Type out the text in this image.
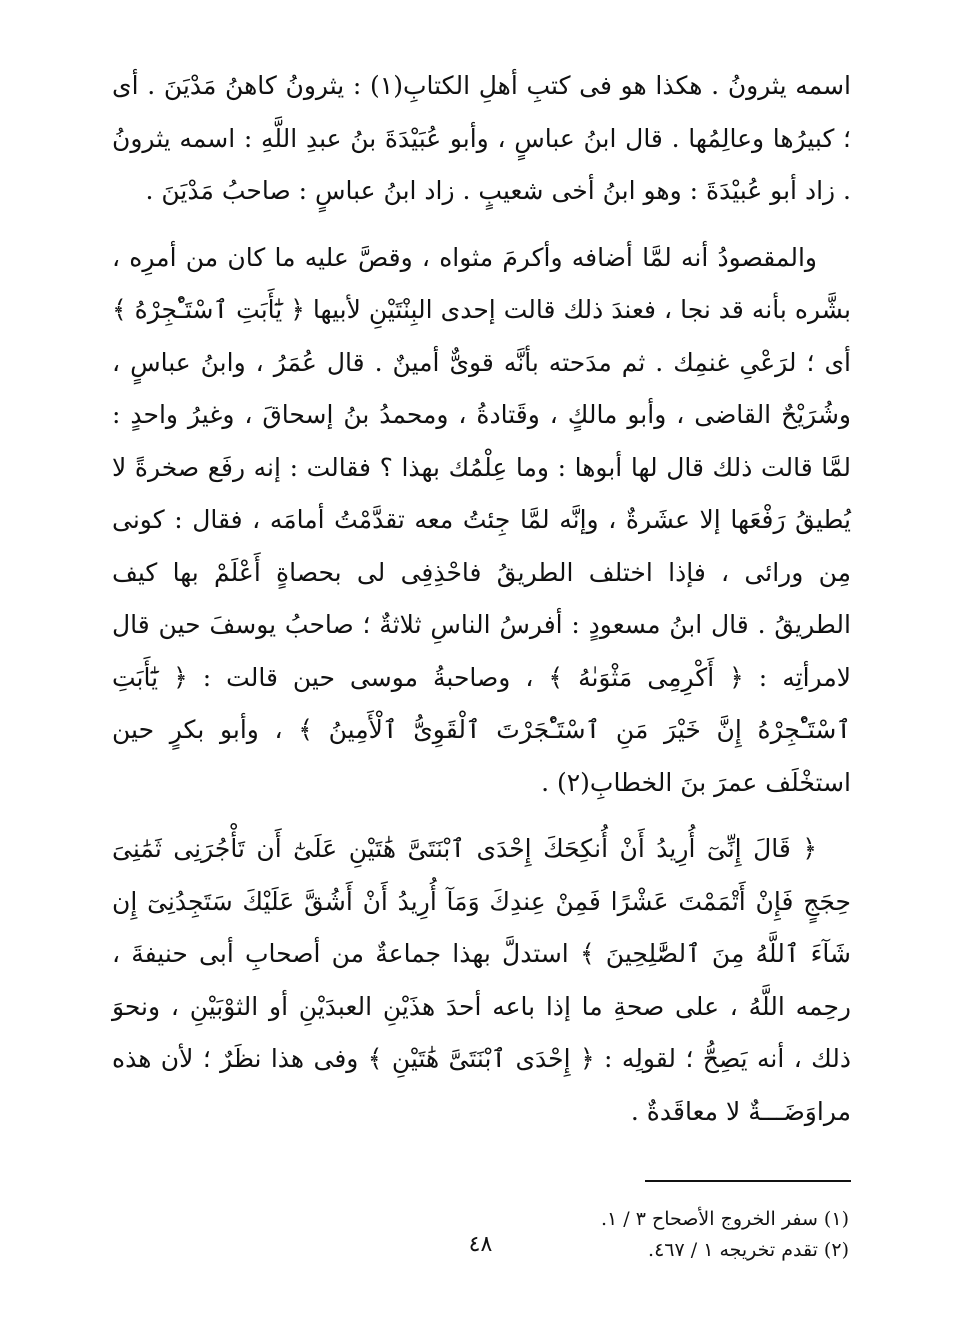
اسمه يثرونُ . هكذا هو فى كتبِ أهلِ الكتابِ(١) : يثرونُ كاهنُ مَدْيَنَ . أى ؛ كبيرُها وعالِمُها . قال ابنُ عباسٍ ، وأبو عُبَيْدَةَ بنُ عبدِ اللَّهِ : اسمه يثرونُ . زاد أبو عُبيْدَةَ : وهو ابنُ أخى شعيبٍ . زاد ابنُ عباسٍ : صاحبُ مَدْيَنَ .

والمقصودُ أنه لمَّا أضافه وأكرمَ مثواه ، وقصَّ عليه ما كان من أمرِه ، بشَّره بأنه قد نجا ، فعندَ ذلك قالت إحدى البِنْتَيْنِ لأبيها ﴿ يَٰٓأَبَتِ ٱسْتَـْٔجِرْهُ ﴾ أى ؛ لرَعْىِ غنمِك . ثم مدَحته بأنَّه قوىٌّ أمينٌ . قال عُمَرُ ، وابنُ عباسٍ ، وشُرَيْحٌ القاضى ، وأبو مالكٍ ، وقَتادةُ ، ومحمدُ بنُ إسحاقَ ، وغيرُ واحدٍ : لمَّا قالت ذلك قال لها أبوها : وما عِلْمُك بهذا ؟ فقالت : إنه رفَع صخرةً لا يُطيقُ رَفْعَها إلا عشَرةٌ ، وإنَّه لمَّا جِئتُ معه تقدَّمْتُ أمامَه ، فقال : كونى مِن ورائى ، فإذا اختلف الطريقُ فاحْذِفِى لى بحصاةٍ أَعْلَمْ بها كيف الطريقُ . قال ابنُ مسعودٍ : أفرسُ الناسِ ثلاثةٌ ؛ صاحبُ يوسفَ حين قال لامرأتِه : ﴿ أَكْرِمِى مَثْوَىٰهُ ﴾ ، وصاحبةُ موسى حين قالت : ﴿ يَٰٓأَبَتِ ٱسْتَـْٔجِرْهُ إِنَّ خَيْرَ مَنِ ٱسْتَـْٔجَرْتَ ٱلْقَوِىُّ ٱلْأَمِينُ ﴾ ، وأبو بكرٍ حين استخْلَف عمرَ بنَ الخطابِ(٢) .

﴿ قَالَ إِنِّىٓ أُرِيدُ أَنْ أُنكِحَكَ إِحْدَى ٱبْنَتَىَّ هَٰتَيْنِ عَلَىٰٓ أَن تَأْجُرَنِى ثَمَٰنِىَ حِجَجٍ فَإِنْ أَتْمَمْتَ عَشْرًا فَمِنْ عِندِكَ وَمَآ أُرِيدُ أَنْ أَشُقَّ عَلَيْكَ سَتَجِدُنِىٓ إِن شَآءَ ٱللَّهُ مِنَ ٱلصَّٰلِحِينَ ﴾ استدلَّ بهذا جماعةٌ من أصحابِ أبى حنيفةَ ، رحِمه اللَّهُ ، على صحةِ ما إذا باعه أحدَ هذَيْنِ العبدَيْنِ أو الثوْبَيْنِ ، ونحوَ ذلك ، أنه يَصِحُّ ؛ لقولِه : ﴿ إِحْدَى ٱبْنَتَىَّ هَٰتَيْنِ ﴾ وفى هذا نظَرٌ ؛ لأن هذه مراوَضَـــةٌ لا معاقَدةٌ .

(١) سفر الخروج الأصحاح ٣ / ١.

(٢) تقدم تخريجه ١ / ٤٦٧.

٤٨
